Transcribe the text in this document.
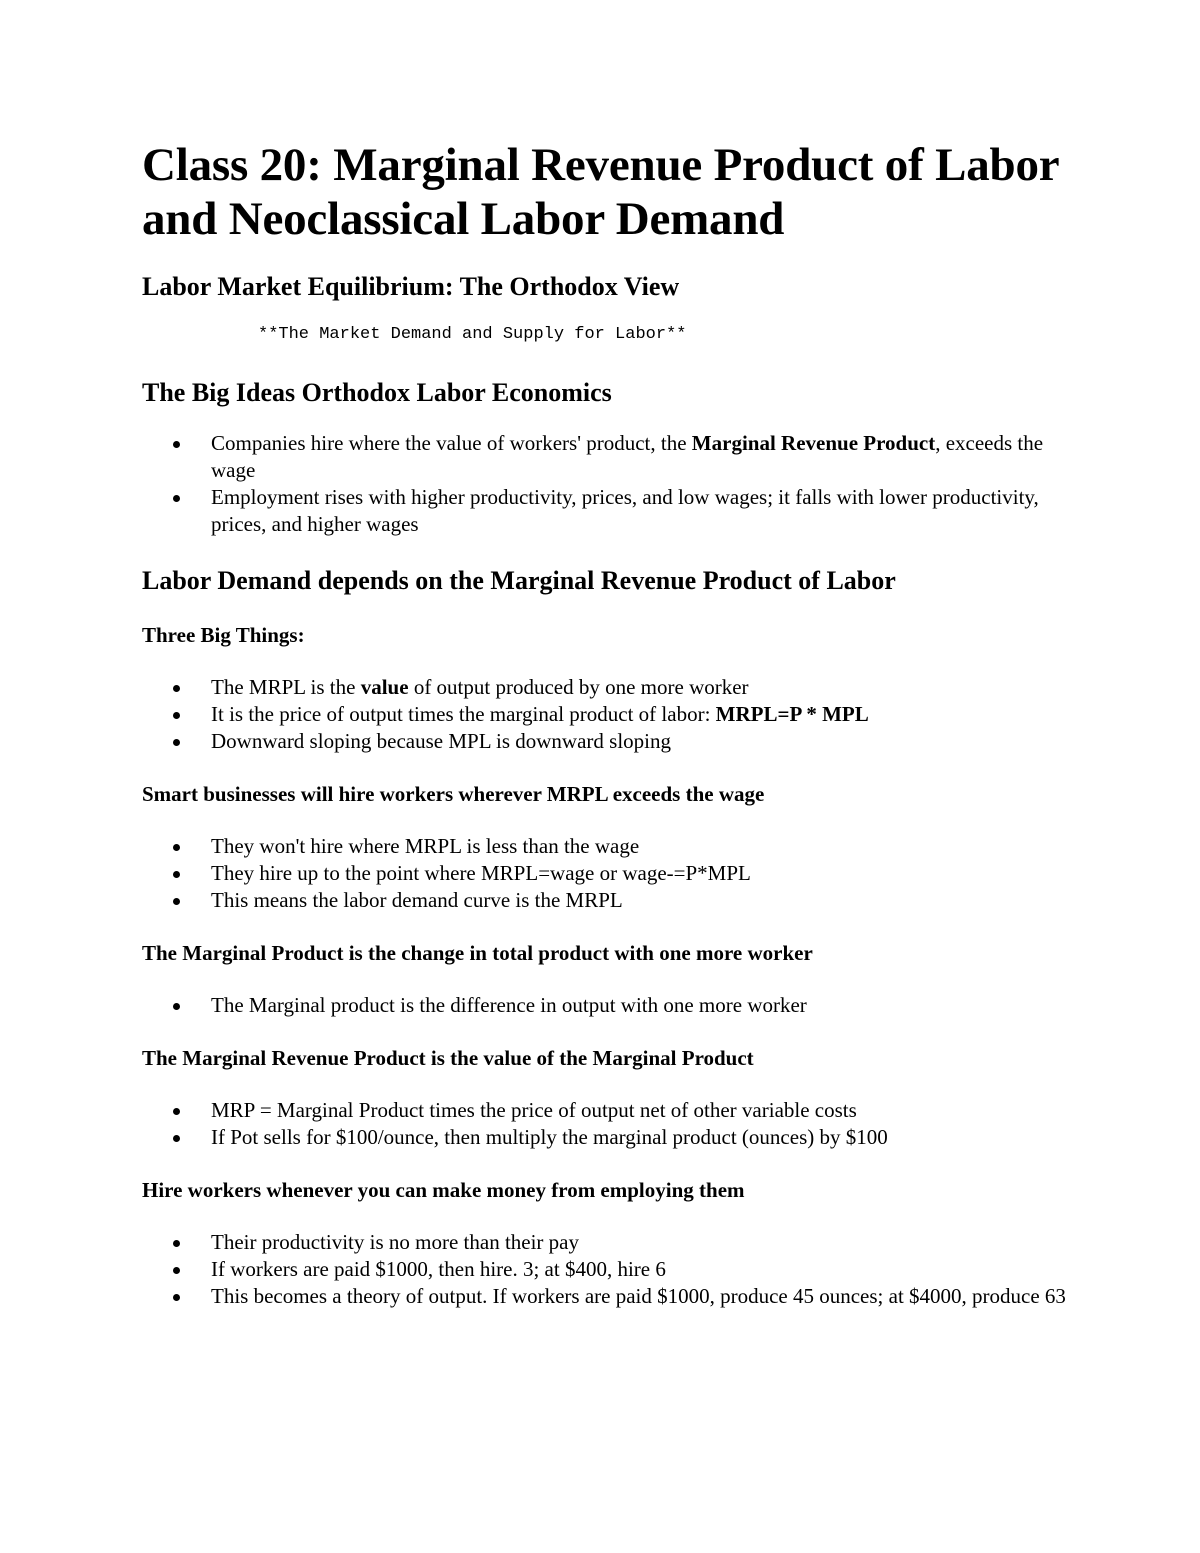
Class 20: Marginal Revenue Product of Labor and Neoclassical Labor Demand
Labor Market Equilibrium: The Orthodox View
**The Market Demand and Supply for Labor**
The Big Ideas Orthodox Labor Economics
Companies hire where the value of workers' product, the Marginal Revenue Product, exceeds the wage
Employment rises with higher productivity, prices, and low wages; it falls with lower productivity, prices, and higher wages
Labor Demand depends on the Marginal Revenue Product of Labor
Three Big Things:
The MRPL is the value of output produced by one more worker
It is the price of output times the marginal product of labor: MRPL=P * MPL
Downward sloping because MPL is downward sloping
Smart businesses will hire workers wherever MRPL exceeds the wage
They won't hire where MRPL is less than the wage
They hire up to the point where MRPL=wage or wage-=P*MPL
This means the labor demand curve is the MRPL
The Marginal Product is the change in total product with one more worker
The Marginal product is the difference in output with one more worker
The Marginal Revenue Product is the value of the Marginal Product
MRP = Marginal Product times the price of output net of other variable costs
If Pot sells for $100/ounce, then multiply the marginal product (ounces) by $100
Hire workers whenever you can make money from employing them
Their productivity is no more than their pay
If workers are paid $1000, then hire. 3; at $400, hire 6
This becomes a theory of output. If workers are paid $1000, produce 45 ounces; at $4000, produce 63
